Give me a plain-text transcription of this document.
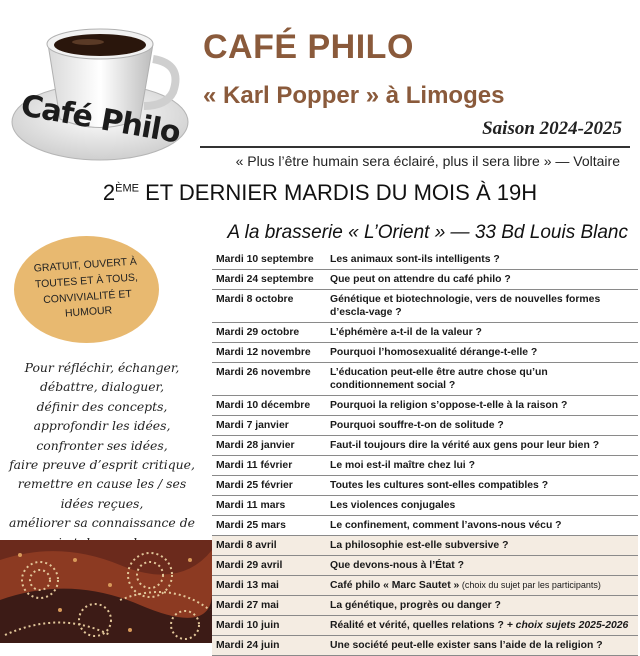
Café Philo
CAFÉ PHILO
« Karl Popper » à Limoges
Saison 2024-2025
« Plus l’être humain sera éclairé, plus il sera libre » — Voltaire
2ÈME ET DERNIER MARDIS DU MOIS À 19H
A la brasserie « L’Orient » — 33 Bd Louis Blanc
GRATUIT, OUVERT À TOUTES ET À TOUS, CONVIVIALITÉ ET HUMOUR
Pour réfléchir, échanger,
débattre, dialoguer,
définir des concepts,
approfondir les idées,
confronter ses idées,
faire preuve d’esprit critique,
remettre en cause les / ses
idées reçues,
améliorer sa connaissance de
Mardi 10 septembre	Les animaux sont-ils intelligents ?
Mardi 24 septembre	Que peut on attendre du café philo ?
Mardi 8 octobre	Génétique et biotechnologie, vers de nouvelles formes d’escla-vage ?
Mardi 29 octobre	L’éphémère a-t-il de la valeur ?
Mardi 12 novembre	Pourquoi l’homosexualité dérange-t-elle ?
Mardi 26 novembre	L’éducation peut-elle être autre chose qu’un conditionnement social ?
Mardi 10 décembre	Pourquoi la religion s’oppose-t-elle à la raison ?
Mardi 7 janvier	Pourquoi souffre-t-on de solitude ?
Mardi 28 janvier	Faut-il toujours dire la vérité aux gens pour leur bien ?
Mardi 11 février	Le moi est-il maître chez lui ?
Mardi 25 février	Toutes les cultures sont-elles compatibles ?
Mardi 11 mars	Les violences conjugales
Mardi 25 mars	Le confinement, comment l’avons-nous vécu ?
Mardi 8 avril	La philosophie est-elle subversive ?
Mardi 29 avril	Que devons-nous à l’État ?
Mardi 13 mai	Café philo « Marc Sautet » (choix du sujet par les participants)
Mardi 27 mai	La génétique, progrès ou danger ?
Mardi 10 juin	Réalité et vérité, quelles relations ? + choix sujets 2025-2026
Mardi 24 juin	Une société peut-elle exister sans l’aide de la religion ?
